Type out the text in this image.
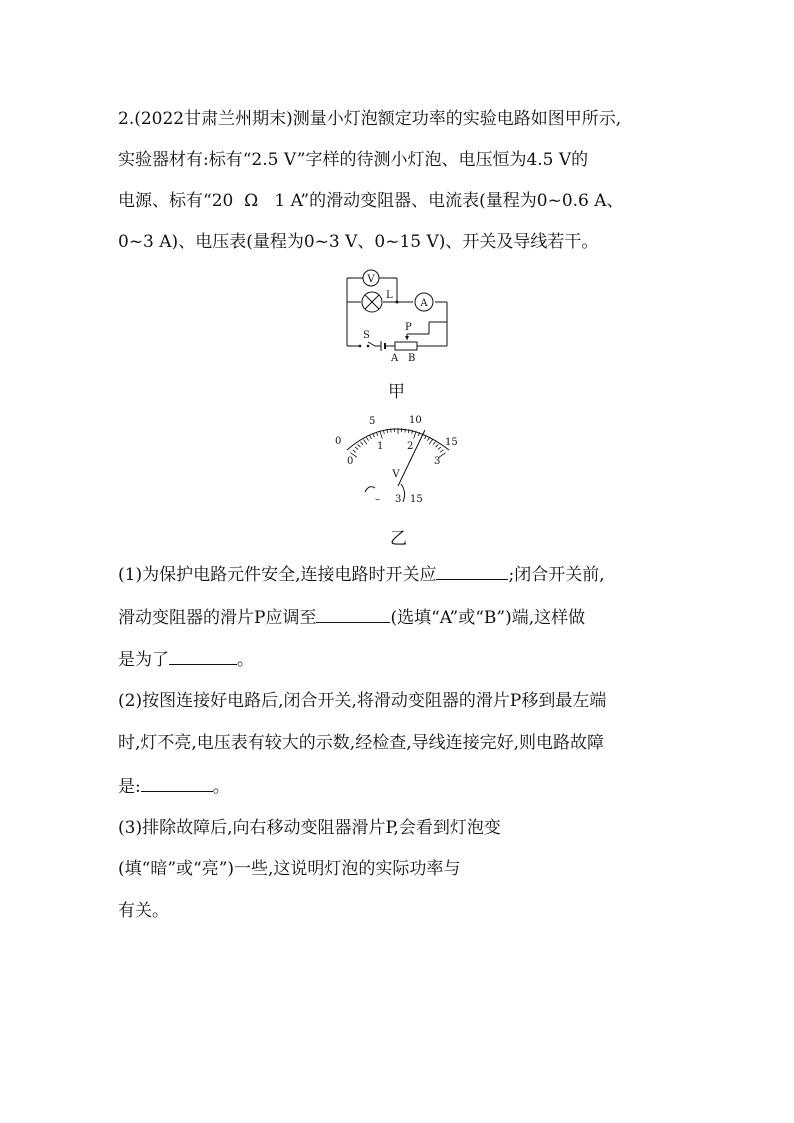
2.(2022甘肃兰州期末)测量小灯泡额定功率的实验电路如图甲所示,
实验器材有:标有“2.5 V”字样的待测小灯泡、电压恒为4.5 V的
电源、标有“20  Ω   1 A”的滑动变阻器、电流表(量程为0~0.6 A、
0~3 A)、电压表(量程为0~3 V、0~15 V)、开关及导线若干。
V
L
A
S
P
A B
甲
0
5	10
15
0
1 2
3
V
– 3 15
乙
(1)为保护电路元件安全,连接电路时开关应	;闭合开关前,
滑动变阻器的滑片P应调至	(选填“A”或“B”)端,这样做
是为了	。
(2)按图连接好电路后,闭合开关,将滑动变阻器的滑片P移到最左端
时,灯不亮,电压表有较大的示数,经检查,导线连接完好,则电路故障
是:	。
(3)排除故障后,向右移动变阻器滑片P,会看到灯泡变
(填“暗”或“亮”)一些,这说明灯泡的实际功率与
有关。
